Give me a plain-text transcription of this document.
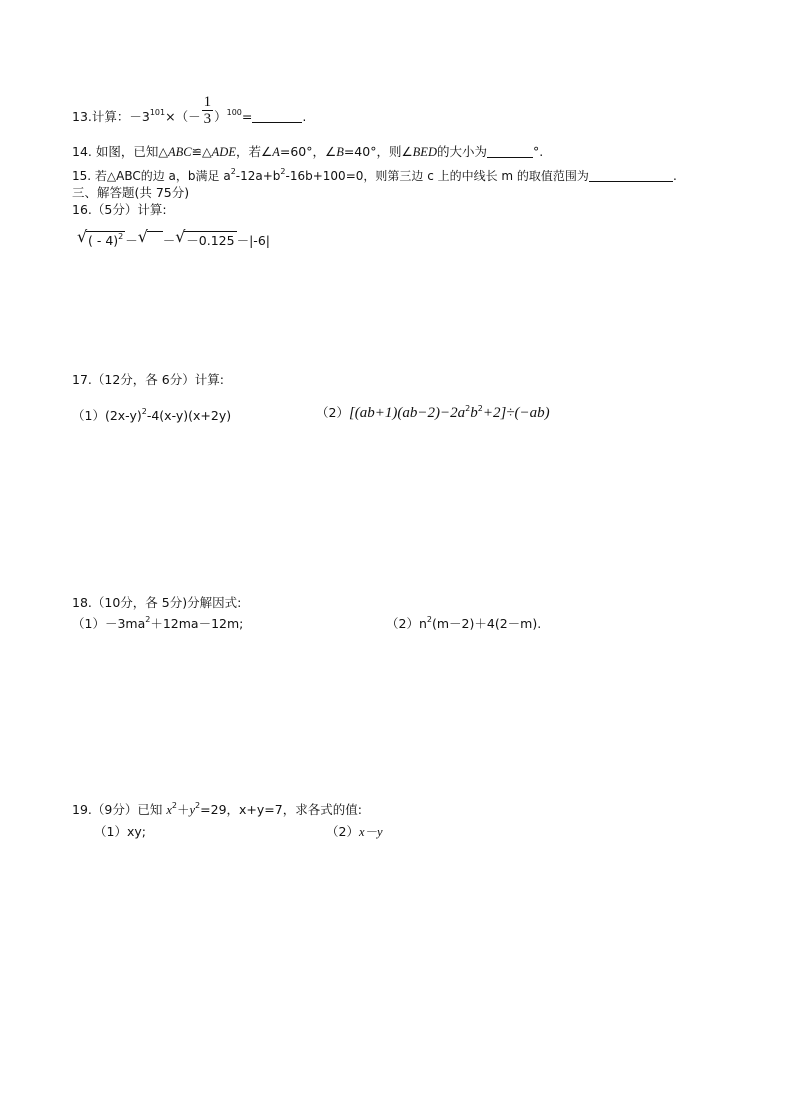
13.计算：$-3^{101}\times(- \frac{1}{3} )^{100}=$	.
14. 如图，已知△ABC≌△ADE，若∠A=60°，∠B=40°，则∠BED的大小为	°.
15. 若△ABC的边 a，b满足 $a^2-12a+b^2-16b+100=0$，则第三边 c 上的中线长 m 的取值范围为	.
三、解答题(共 75分)
16.（5分）计算:
√ ( - 4)$^2$ － √ － √ －0.125 －|-6|
17.（12分，各 6分）计算:
$(1)(2x-y)^2-4(x-y)(x+2y)$	$(2)[(ab+1)(ab-2)-2a^2b^2+2]\div(-ab)$
18.（10分，各 5分)分解因式:
$(1)-3ma^2+12ma-12m$;	$(2)n^2(m-2)+4(2-m)$.
19.（9分）已知 $x^2+y^2=29$，x+y=7，求各式的值:
（1）xy;	（2）x－y
